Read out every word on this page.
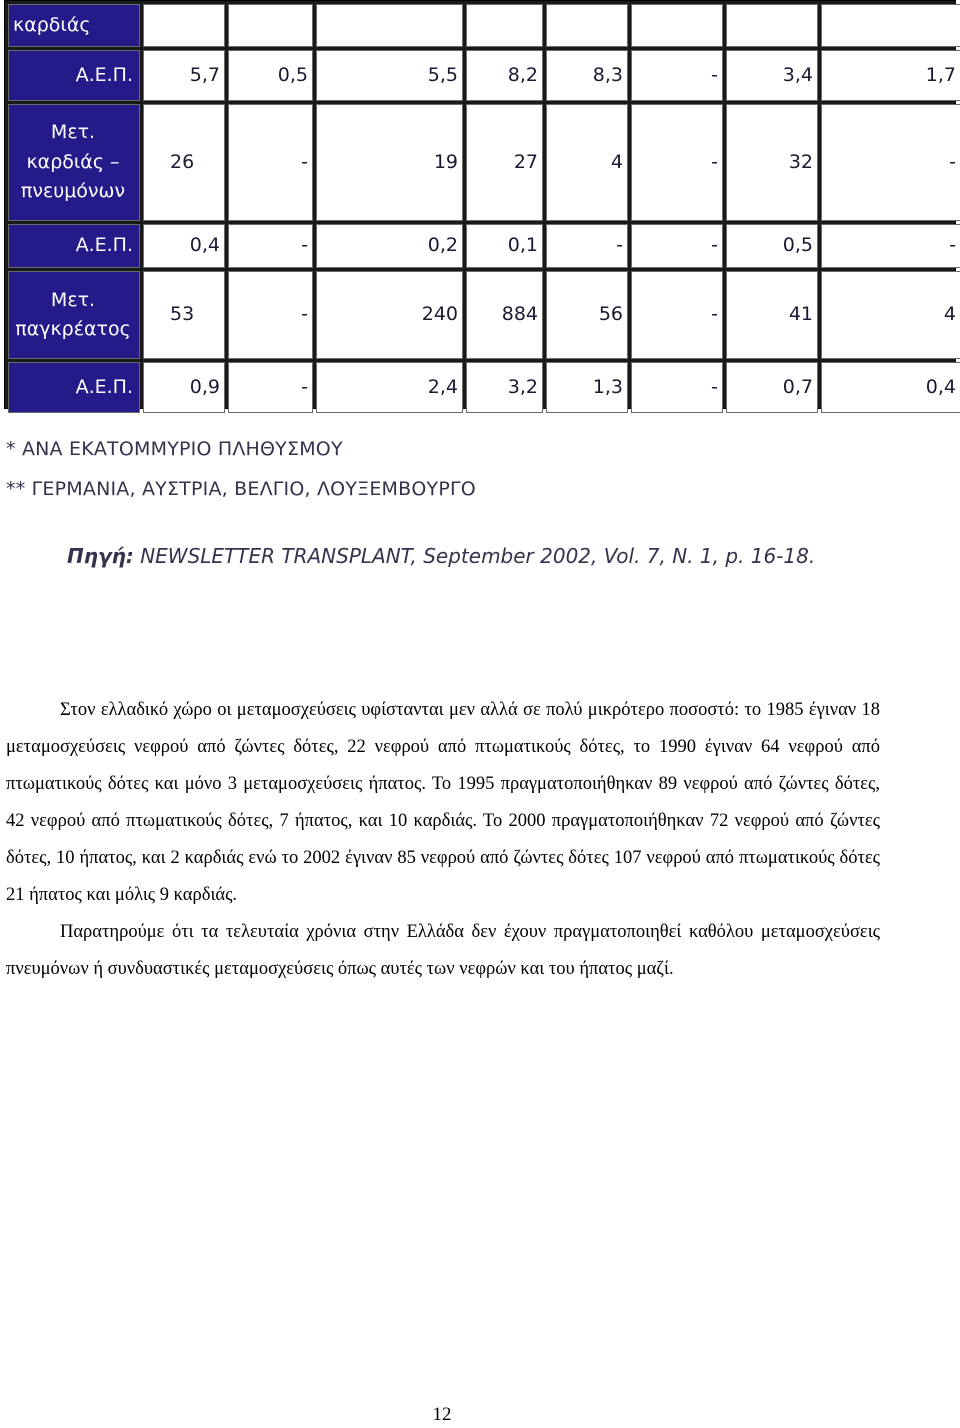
καρδιάς								
Α.Ε.Π.	5,7	0,5	5,5	8,2	8,3	-	3,4	1,7
Μετ. καρδιάς – πνευμόνων	26	-	19	27	4	-	32	-
Α.Ε.Π.	0,4	-	0,2	0,1	-	-	0,5	-
Μετ. παγκρέατος	53	-	240	884	56	-	41	4
Α.Ε.Π.	0,9	-	2,4	3,2	1,3	-	0,7	0,4
* ΑΝΑ ΕΚΑΤΟΜΜΥΡΙΟ ΠΛΗΘΥΣΜΟΥ
** ΓΕΡΜΑΝΙΑ, ΑΥΣΤΡΙΑ, ΒΕΛΓΙΟ, ΛΟΥΞΕΜΒΟΥΡΓΟ
Πηγή: NEWSLETTER TRANSPLANT, September 2002, Vol. 7, N. 1, p. 16-18.

Στον ελλαδικό χώρο οι μεταμοσχεύσεις υφίστανται μεν αλλά σε πολύ μικρότερο ποσοστό: το 1985 έγιναν 18 μεταμοσχεύσεις νεφρού από ζώντες δότες, 22 νεφρού από πτωματικούς δότες, το 1990 έγιναν 64 νεφρού από πτωματικούς δότες και μόνο 3 μεταμοσχεύσεις ήπατος. Το 1995 πραγματοποιήθηκαν 89 νεφρού από ζώντες δότες, 42 νεφρού από πτωματικούς δότες, 7 ήπατος, και 10 καρδιάς. Το 2000 πραγματοποιήθηκαν 72 νεφρού από ζώντες δότες, 10 ήπατος, και 2 καρδιάς ενώ το 2002 έγιναν 85 νεφρού από ζώντες δότες 107 νεφρού από πτωματικούς δότες 21 ήπατος και μόλις 9 καρδιάς.

Παρατηρούμε ότι τα τελευταία χρόνια στην Ελλάδα δεν έχουν πραγματοποιηθεί καθόλου μεταμοσχεύσεις πνευμόνων ή συνδυαστικές μεταμοσχεύσεις όπως αυτές των νεφρών και του ήπατος μαζί.

12
